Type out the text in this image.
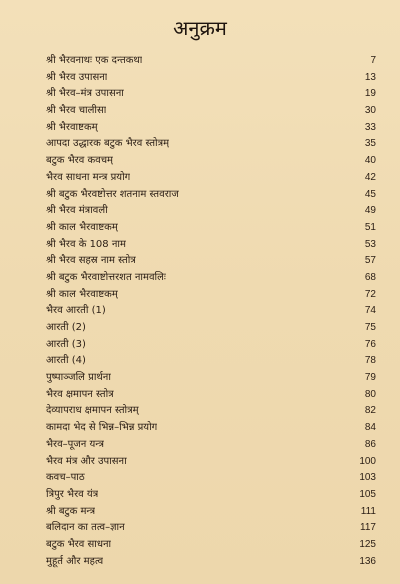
अनुक्रम
श्री भैरवनाथः एक दन्तकथा	7
श्री भैरव उपासना	13
श्री भैरव–मंत्र उपासना	19
श्री भैरव चालीसा	30
श्री भैरवाष्टकम्	33
आपदा उद्धारक बटुक भैरव स्तोत्रम्	35
बटुक भैरव कवचम्	40
भैरव साधना मन्त्र प्रयोग	42
श्री बटुक भैरवष्टोत्तर शतनाम स्तवराज	45
श्री भैरव मंत्रावली	49
श्री काल भैरवाष्टकम्	51
श्री भैरव के 108 नाम	53
श्री भैरव सहस्र नाम स्तोत्र	57
श्री बटुक भैरवाष्टोत्तरशत नामवलिः	68
श्री काल भैरवाष्टकम्	72
भैरव आरती (1)	74
आरती (2)	75
आरती (3)	76
आरती (4)	78
पुष्पाञ्जलि प्रार्थना	79
भैरव क्षमापन स्तोत्र	80
देव्यापराध क्षमापन स्तोत्रम्	82
कामदा भेद से भिन्न–भिन्न प्रयोग	84
भैरव–पूजन यन्त्र	86
भैरव मंत्र और उपासना	100
कवच–पाठ	103
त्रिपुर भैरव यंत्र	105
श्री बटुक मन्त्र	111
बलिदान का तत्व–ज्ञान	117
बटुक भैरव साधना	125
मुहूर्त और महत्व	136
